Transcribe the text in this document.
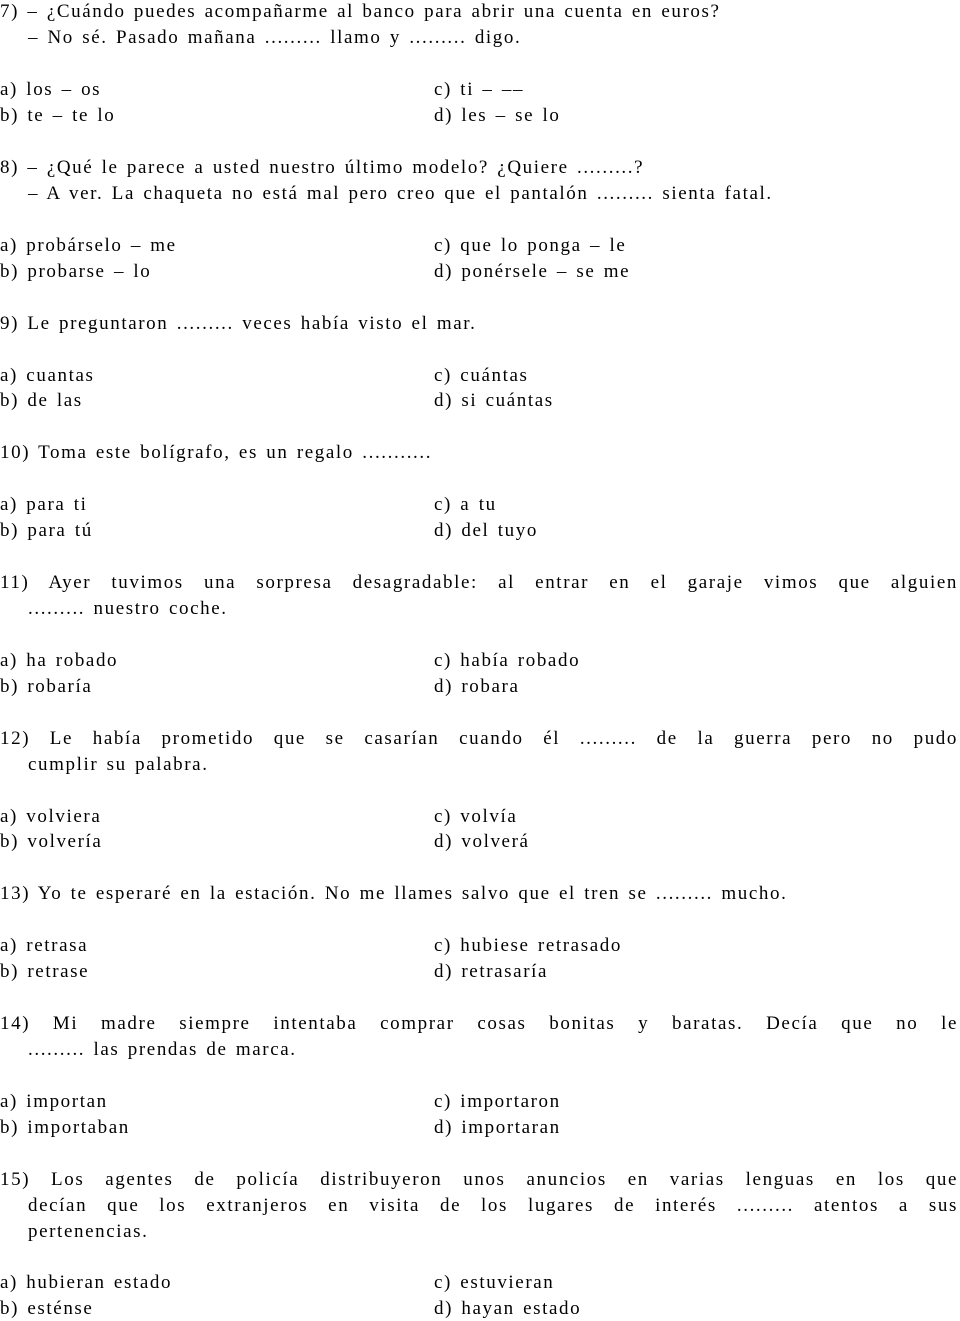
7) – ¿Cuándo puedes acompañarme al banco para abrir una cuenta en euros?
– No sé. Pasado mañana ......... llamo y ......... digo.
a) los – os	c) ti – ––
b) te – te lo	d) les – se lo
8) – ¿Qué le parece a usted nuestro último modelo? ¿Quiere .........?
– A ver. La chaqueta no está mal pero creo que el pantalón ......... sienta fatal.
a) probárselo – me	c) que lo ponga – le
b) probarse – lo	d) ponérsele – se me
9) Le preguntaron ......... veces había visto el mar.
a) cuantas	c) cuántas
b) de las	d) si cuántas
10) Toma este bolígrafo, es un regalo ...........
a) para ti	c) a tu
b) para tú	d) del tuyo
11) Ayer tuvimos una sorpresa desagradable: al entrar en el garaje vimos que alguien
......... nuestro coche.
a) ha robado	c) había robado
b) robaría	d) robara
12) Le había prometido que se casarían cuando él ......... de la guerra pero no pudo
cumplir su palabra.
a) volviera	c) volvía
b) volvería	d) volverá
13) Yo te esperaré en la estación. No me llames salvo que el tren se ......... mucho.
a) retrasa	c) hubiese retrasado
b) retrase	d) retrasaría
14) Mi madre siempre intentaba comprar cosas bonitas y baratas. Decía que no le
......... las prendas de marca.
a) importan	c) importaron
b) importaban	d) importaran
15) Los agentes de policía distribuyeron unos anuncios en varias lenguas en los que
decían que los extranjeros en visita de los lugares de interés ......... atentos a sus
pertenencias.
a) hubieran estado	c) estuvieran
b) esténse	d) hayan estado
